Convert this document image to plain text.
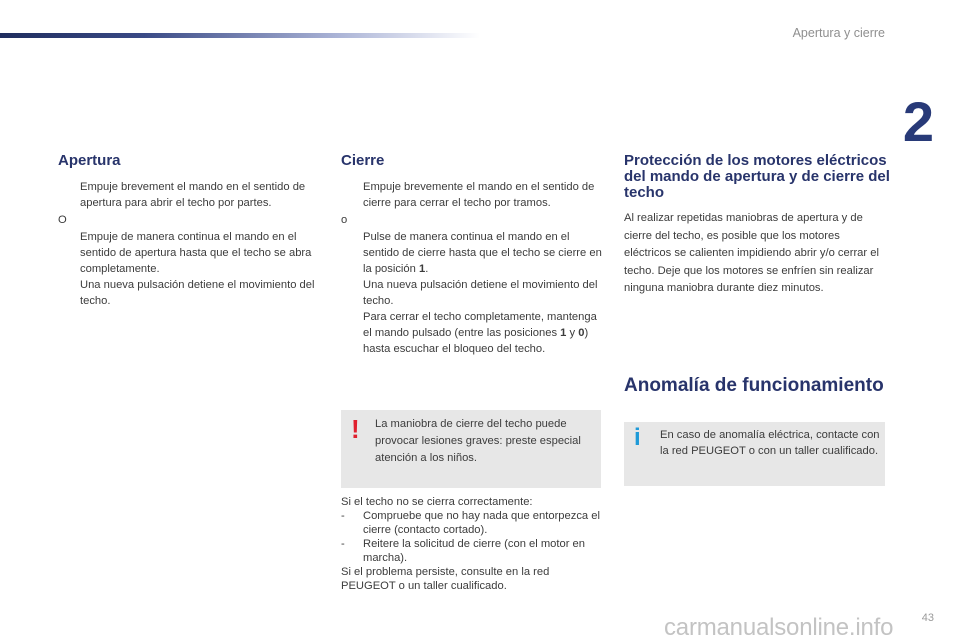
Apertura y cierre
2
Apertura
Empuje brevement el mando en el sentido de apertura para abrir el techo por partes.
O
Empuje de manera continua el mando en el sentido de apertura hasta que el techo se abra completamente.
Una nueva pulsación detiene el movimiento del techo.
Cierre
Empuje brevemente el mando en el sentido de cierre para cerrar el techo por tramos.
o
Pulse de manera continua el mando en el sentido de cierre hasta que el techo se cierre en la posición 1.
Una nueva pulsación detiene el movimiento del techo.
Para cerrar el techo completamente, mantenga el mando pulsado (entre las posiciones 1 y 0) hasta escuchar el bloqueo del techo.
! La maniobra de cierre del techo puede provocar lesiones graves: preste especial atención a los niños.
Si el techo no se cierra correctamente:
- Compruebe que no hay nada que entorpezca el cierre (contacto cortado).
- Reitere la solicitud de cierre (con el motor en marcha).
Si el problema persiste, consulte en la red PEUGEOT o un taller cualificado.
Protección de los motores eléctricos del mando de apertura y de cierre del techo
Al realizar repetidas maniobras de apertura y de cierre del techo, es posible que los motores eléctricos se calienten impidiendo abrir y/o cerrar el techo. Deje que los motores se enfríen sin realizar ninguna maniobra durante diez minutos.
Anomalía de funcionamiento
i En caso de anomalía eléctrica, contacte con la red PEUGEOT o con un taller cualificado.
carmanualsonline.info	43
